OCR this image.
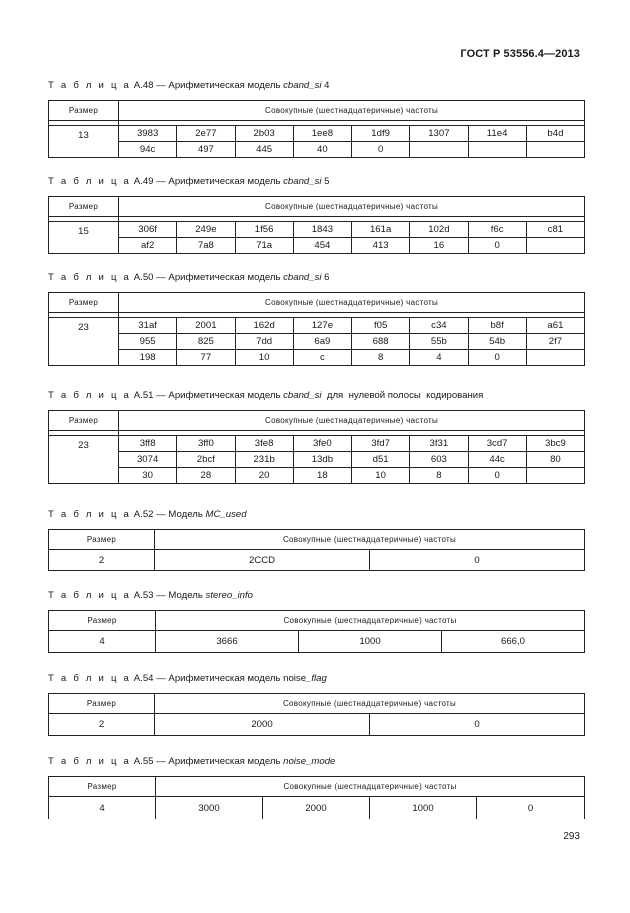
ГОСТ Р 53556.4—2013
Т а б л и ц а А.48 — Арифметическая модель cband_si 4
Размер	Совокупные (шестнадцатеричные) частоты							

13	3983	2e77	2b03	1ee8	1df9	1307	11e4	b4d
	94c	497	445	40	0			
Т а б л и ц а А.49 — Арифметическая модель cband_si 5
Размер	Совокупные (шестнадцатеричные) частоты							

15	306f	249e	1f56	1843	161a	102d	f6c	c81
	af2	7a8	71a	454	413	16	0	
Т а б л и ц а А.50 — Арифметическая модель cband_si 6
Размер	Совокупные (шестнадцатеричные) частоты							

23	31af	2001	162d	127e	f05	c34	b8f	a61
	955	825	7dd	6a9	688	55b	54b	2f7
	198	77	10	c	8	4	0	
Т а б л и ц а А.51 — Арифметическая модель cband_si  для  нулевой полосы  кодирования
Размер	Совокупные (шестнадцатеричные) частоты							

23	3ff8	3ff0	3fe8	3fe0	3fd7	3f31	3cd7	3bc9
	3074	2bcf	231b	13db	d51	603	44c	80
	30	28	20	18	10	8	0	
Т а б л и ц а А.52 — Модель MC_used
Размер	Совокупные (шестнадцатеричные) частоты	
2	2CCD	0
Т а б л и ц а А.53 — Модель stereo_info
Размер	Совокупные (шестнадцатеричные) частоты		
4	3666	1000	666,0
Т а б л и ц а А.54 — Арифметическая модель noise_flag
Размер	Совокупные (шестнадцатеричные) частоты	
2	2000	0
Т а б л и ц а А.55 — Арифметическая модель noise_mode
Размер	Совокупные (шестнадцатеричные) частоты			
4	3000	2000	1000	0
293
